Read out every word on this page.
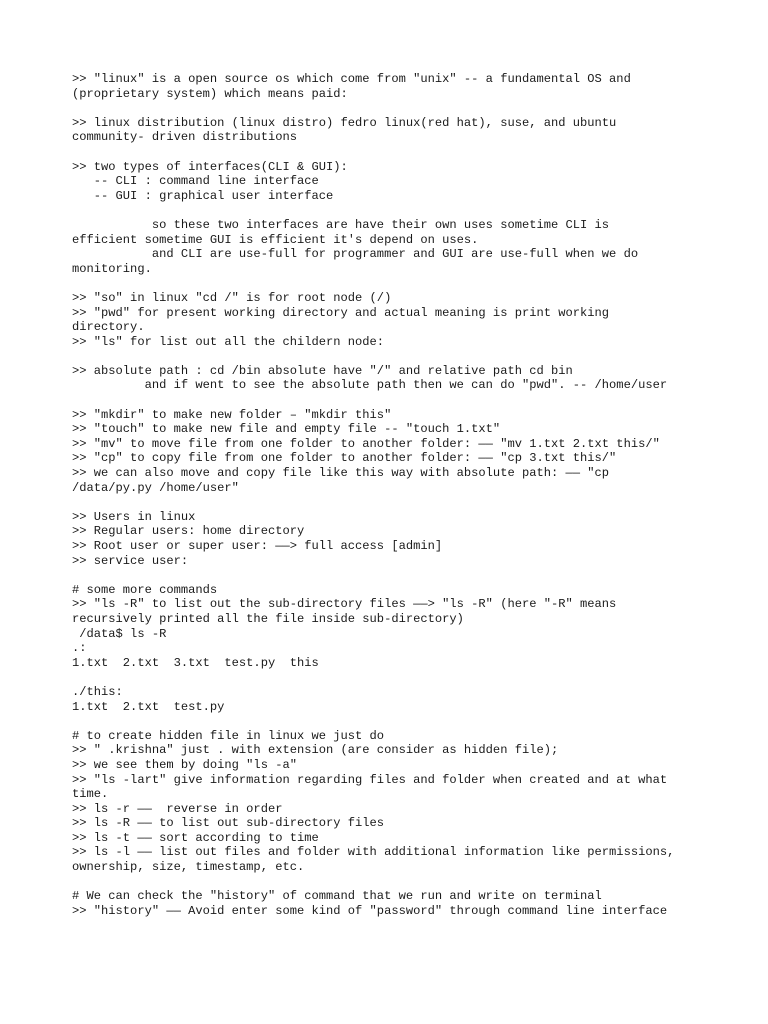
>> "linux" is a open source os which come from "unix" -- a fundamental OS and
(proprietary system) which means paid:

>> linux distribution (linux distro) fedro linux(red hat), suse, and ubuntu
community- driven distributions

>> two types of interfaces(CLI & GUI):
-- CLI : command line interface
-- GUI : graphical user interface

so these two interfaces are have their own uses sometime CLI is
efficient sometime GUI is efficient it's depend on uses.
and CLI are use-full for programmer and GUI are use-full when we do
monitoring.

>> "so" in linux "cd /" is for root node (/)
>> "pwd" for present working directory and actual meaning is print working
directory.
>> "ls" for list out all the childern node:

>> absolute path : cd /bin absolute have "/" and relative path cd bin
and if went to see the absolute path then we can do "pwd". -- /home/user

>> "mkdir" to make new folder – "mkdir this"
>> "touch" to make new file and empty file -- "touch 1.txt"
>> "mv" to move file from one folder to another folder: —— "mv 1.txt 2.txt this/"
>> "cp" to copy file from one folder to another folder: —— "cp 3.txt this/"
>> we can also move and copy file like this way with absolute path: —— "cp
/data/py.py /home/user"

>> Users in linux
>> Regular users: home directory
>> Root user or super user: ——> full access [admin]
>> service user:

# some more commands
>> "ls -R" to list out the sub-directory files ——> "ls -R" (here "-R" means
recursively printed all the file inside sub-directory)
/data$ ls -R
.:
1.txt  2.txt  3.txt  test.py  this

./this:
1.txt  2.txt  test.py

# to create hidden file in linux we just do
>> " .krishna" just . with extension (are consider as hidden file);
>> we see them by doing "ls -a"
>> "ls -lart" give information regarding files and folder when created and at what
time.
>> ls -r ——  reverse in order
>> ls -R —— to list out sub-directory files
>> ls -t —— sort according to time
>> ls -l —— list out files and folder with additional information like permissions,
ownership, size, timestamp, etc.

# We can check the "history" of command that we run and write on terminal
>> "history" —— Avoid enter some kind of "password" through command line interface
